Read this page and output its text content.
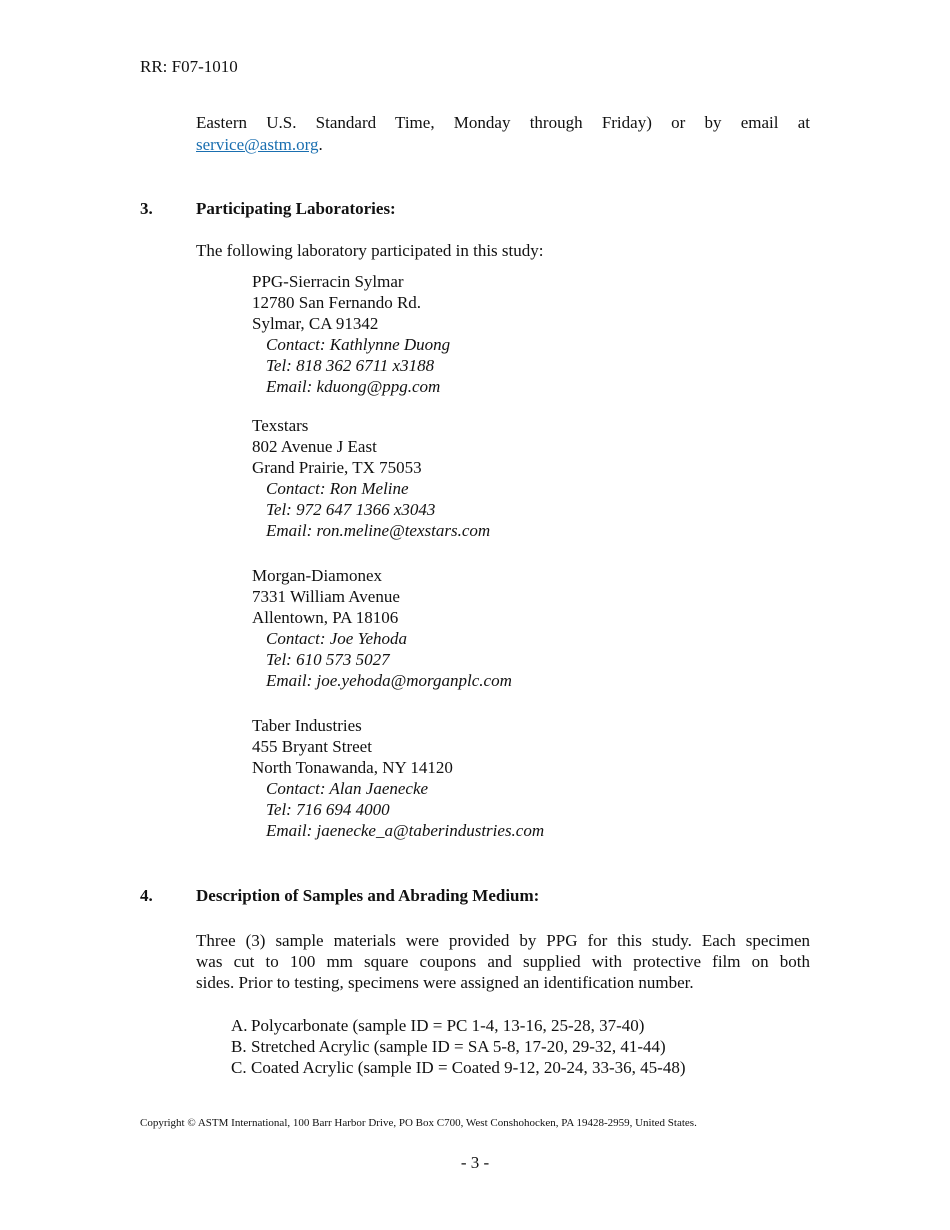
RR: F07-1010
Eastern U.S. Standard Time, Monday through Friday) or by email at
service@astm.org.
3.	Participating Laboratories:
The following laboratory participated in this study:
PPG-Sierracin Sylmar
12780 San Fernando Rd.
Sylmar, CA 91342
Contact: Kathlynne Duong
Tel: 818 362 6711 x3188
Email: kduong@ppg.com
Texstars
802 Avenue J East
Grand Prairie, TX 75053
Contact: Ron Meline
Tel: 972 647 1366 x3043
Email: ron.meline@texstars.com
Morgan-Diamonex
7331 William Avenue
Allentown, PA 18106
Contact: Joe Yehoda
Tel: 610 573 5027
Email: joe.yehoda@morganplc.com
Taber Industries
455 Bryant Street
North Tonawanda, NY 14120
Contact: Alan Jaenecke
Tel: 716 694 4000
Email: jaenecke_a@taberindustries.com
4.	Description of Samples and Abrading Medium:
Three (3) sample materials were provided by PPG for this study. Each specimen
was cut to 100 mm square coupons and supplied with protective film on both
sides. Prior to testing, specimens were assigned an identification number.
A. Polycarbonate (sample ID = PC 1-4, 13-16, 25-28, 37-40)
B. Stretched Acrylic (sample ID = SA 5-8, 17-20, 29-32, 41-44)
C. Coated Acrylic (sample ID = Coated 9-12, 20-24, 33-36, 45-48)
Copyright © ASTM International, 100 Barr Harbor Drive, PO Box C700, West Conshohocken, PA 19428-2959, United States.
- 3 -
